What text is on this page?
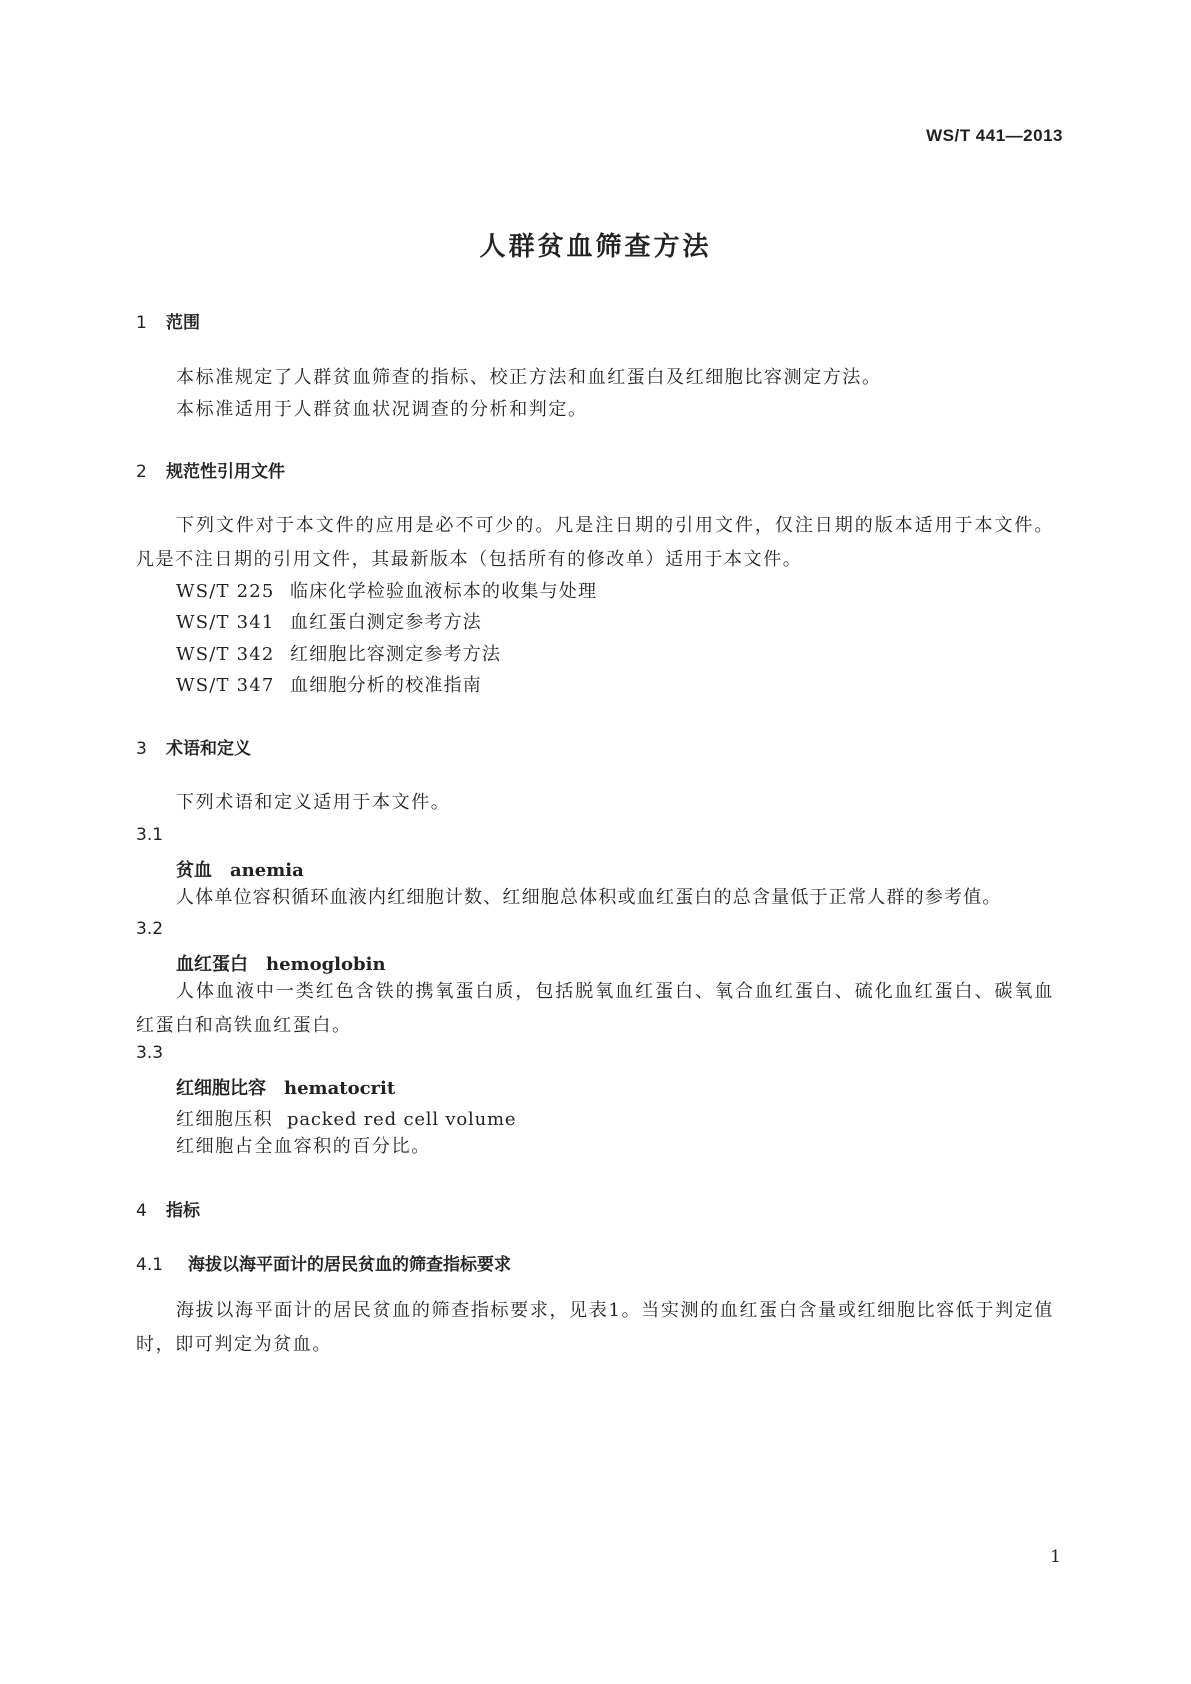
WS/T 441—2013
人群贫血筛查方法
1 范围
本标准规定了人群贫血筛查的指标、校正方法和血红蛋白及红细胞比容测定方法。
本标准适用于人群贫血状况调查的分析和判定。
2 规范性引用文件
下列文件对于本文件的应用是必不可少的。凡是注日期的引用文件，仅注日期的版本适用于本文件。凡是不注日期的引用文件，其最新版本（包括所有的修改单）适用于本文件。
WS/T 225 临床化学检验血液标本的收集与处理
WS/T 341 血红蛋白测定参考方法
WS/T 342 红细胞比容测定参考方法
WS/T 347 血细胞分析的校准指南
3 术语和定义
下列术语和定义适用于本文件。
3.1
贫血 anemia
人体单位容积循环血液内红细胞计数、红细胞总体积或血红蛋白的总含量低于正常人群的参考值。
3.2
血红蛋白 hemoglobin
人体血液中一类红色含铁的携氧蛋白质，包括脱氧血红蛋白、氧合血红蛋白、硫化血红蛋白、碳氧血红蛋白和高铁血红蛋白。
3.3
红细胞比容 hematocrit
红细胞压积 packed red cell volume
红细胞占全血容积的百分比。
4 指标
4.1 海拔以海平面计的居民贫血的筛查指标要求
海拔以海平面计的居民贫血的筛查指标要求，见表1。当实测的血红蛋白含量或红细胞比容低于判定值时，即可判定为贫血。
1
